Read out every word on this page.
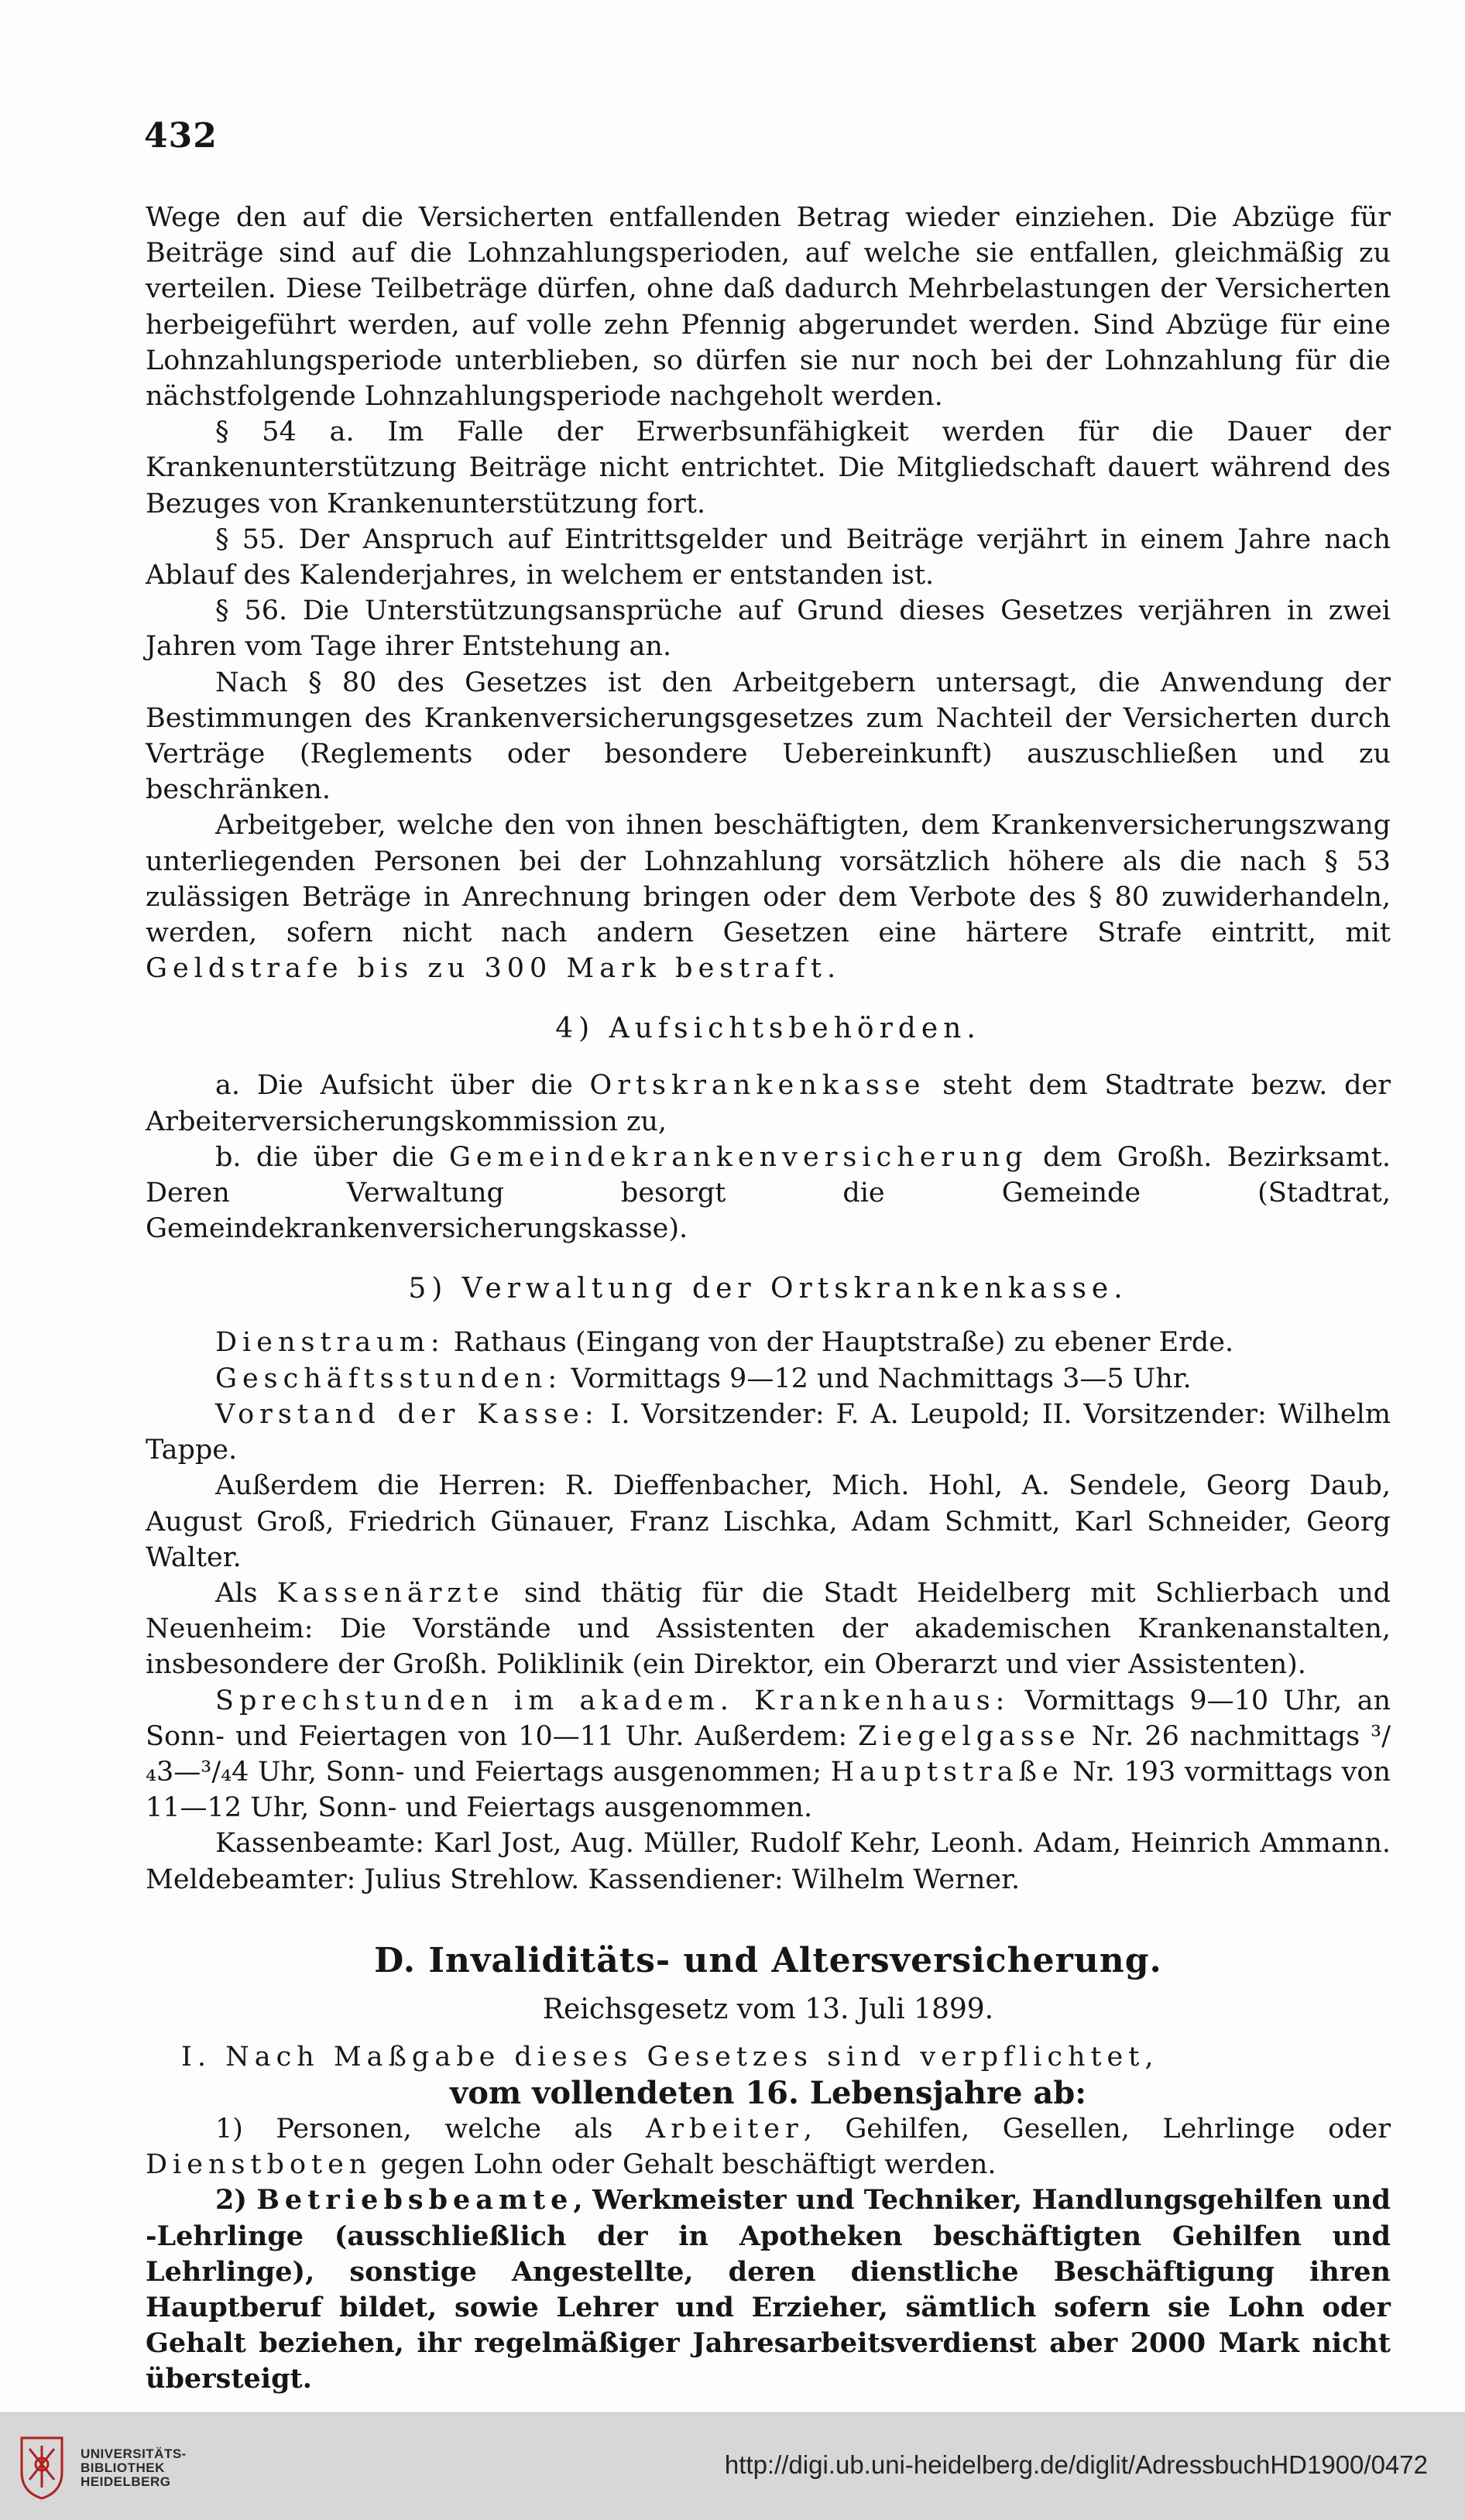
432

Wege den auf die Versicherten entfallenden Betrag wieder einziehen. Die Abzüge für Beiträge sind auf die Lohnzahlungsperioden, auf welche sie entfallen, gleichmäßig zu verteilen. Diese Teilbeträge dürfen, ohne daß dadurch Mehrbelastungen der Versicherten herbeigeführt werden, auf volle zehn Pfennig abgerundet werden. Sind Abzüge für eine Lohnzahlungsperiode unterblieben, so dürfen sie nur noch bei der Lohnzahlung für die nächstfolgende Lohnzahlungsperiode nachgeholt werden.

§ 54 a. Im Falle der Erwerbsunfähigkeit werden für die Dauer der Krankenunterstützung Beiträge nicht entrichtet. Die Mitgliedschaft dauert während des Bezuges von Krankenunterstützung fort.

§ 55. Der Anspruch auf Eintrittsgelder und Beiträge verjährt in einem Jahre nach Ablauf des Kalenderjahres, in welchem er entstanden ist.

§ 56. Die Unterstützungsansprüche auf Grund dieses Gesetzes verjähren in zwei Jahren vom Tage ihrer Entstehung an.

Nach § 80 des Gesetzes ist den Arbeitgebern untersagt, die Anwendung der Bestimmungen des Krankenversicherungsgesetzes zum Nachteil der Versicherten durch Verträge (Reglements oder besondere Uebereinkunft) auszuschließen und zu beschränken.

Arbeitgeber, welche den von ihnen beschäftigten, dem Krankenversicherungszwang unterliegenden Personen bei der Lohnzahlung vorsätzlich höhere als die nach § 53 zulässigen Beträge in Anrechnung bringen oder dem Verbote des § 80 zuwiderhandeln, werden, sofern nicht nach andern Gesetzen eine härtere Strafe eintritt, mit Geldstrafe bis zu 300 Mark bestraft.

4) Aufsichtsbehörden.

a. Die Aufsicht über die Ortskrankenkasse steht dem Stadtrate bezw. der Arbeiterversicherungskommission zu,

b. die über die Gemeindekrankenversicherung dem Großh. Bezirksamt. Deren Verwaltung besorgt die Gemeinde (Stadtrat, Gemeindekrankenversicherungskasse).

5) Verwaltung der Ortskrankenkasse.

Dienstraum: Rathaus (Eingang von der Hauptstraße) zu ebener Erde.

Geschäftsstunden: Vormittags 9—12 und Nachmittags 3—5 Uhr.

Vorstand der Kasse: I. Vorsitzender: F. A. Leupold; II. Vorsitzender: Wilhelm Tappe.

Außerdem die Herren: R. Dieffenbacher, Mich. Hohl, A. Sendele, Georg Daub, August Groß, Friedrich Günauer, Franz Lischka, Adam Schmitt, Karl Schneider, Georg Walter.

Als Kassenärzte sind thätig für die Stadt Heidelberg mit Schlierbach und Neuenheim: Die Vorstände und Assistenten der akademischen Krankenanstalten, insbesondere der Großh. Poliklinik (ein Direktor, ein Oberarzt und vier Assistenten).

Sprechstunden im akadem. Krankenhaus: Vormittags 9—10 Uhr, an Sonn- und Feiertagen von 10—11 Uhr. Außerdem: Ziegelgasse Nr. 26 nachmittags ³/₄3—³/₄4 Uhr, Sonn- und Feiertags ausgenommen; Hauptstraße Nr. 193 vormittags von 11—12 Uhr, Sonn- und Feiertags ausgenommen.

Kassenbeamte: Karl Jost, Aug. Müller, Rudolf Kehr, Leonh. Adam, Heinrich Ammann. Meldebeamter: Julius Strehlow. Kassendiener: Wilhelm Werner.

D. Invaliditäts- und Altersversicherung.

Reichsgesetz vom 13. Juli 1899.

I. Nach Maßgabe dieses Gesetzes sind verpflichtet,

vom vollendeten 16. Lebensjahre ab:

1) Personen, welche als Arbeiter, Gehilfen, Gesellen, Lehrlinge oder Dienstboten gegen Lohn oder Gehalt beschäftigt werden.

2) Betriebsbeamte, Werkmeister und Techniker, Handlungsgehilfen und -Lehrlinge (ausschließlich der in Apotheken beschäftigten Gehilfen und Lehrlinge), sonstige Angestellte, deren dienstliche Beschäftigung ihren Hauptberuf bildet, sowie Lehrer und Erzieher, sämtlich sofern sie Lohn oder Gehalt beziehen, ihr regelmäßiger Jahresarbeitsverdienst aber 2000 Mark nicht übersteigt.

UNIVERSITÄTS-
BIBLIOTHEK
HEIDELBERG
http://digi.ub.uni-heidelberg.de/diglit/AdressbuchHD1900/0472
